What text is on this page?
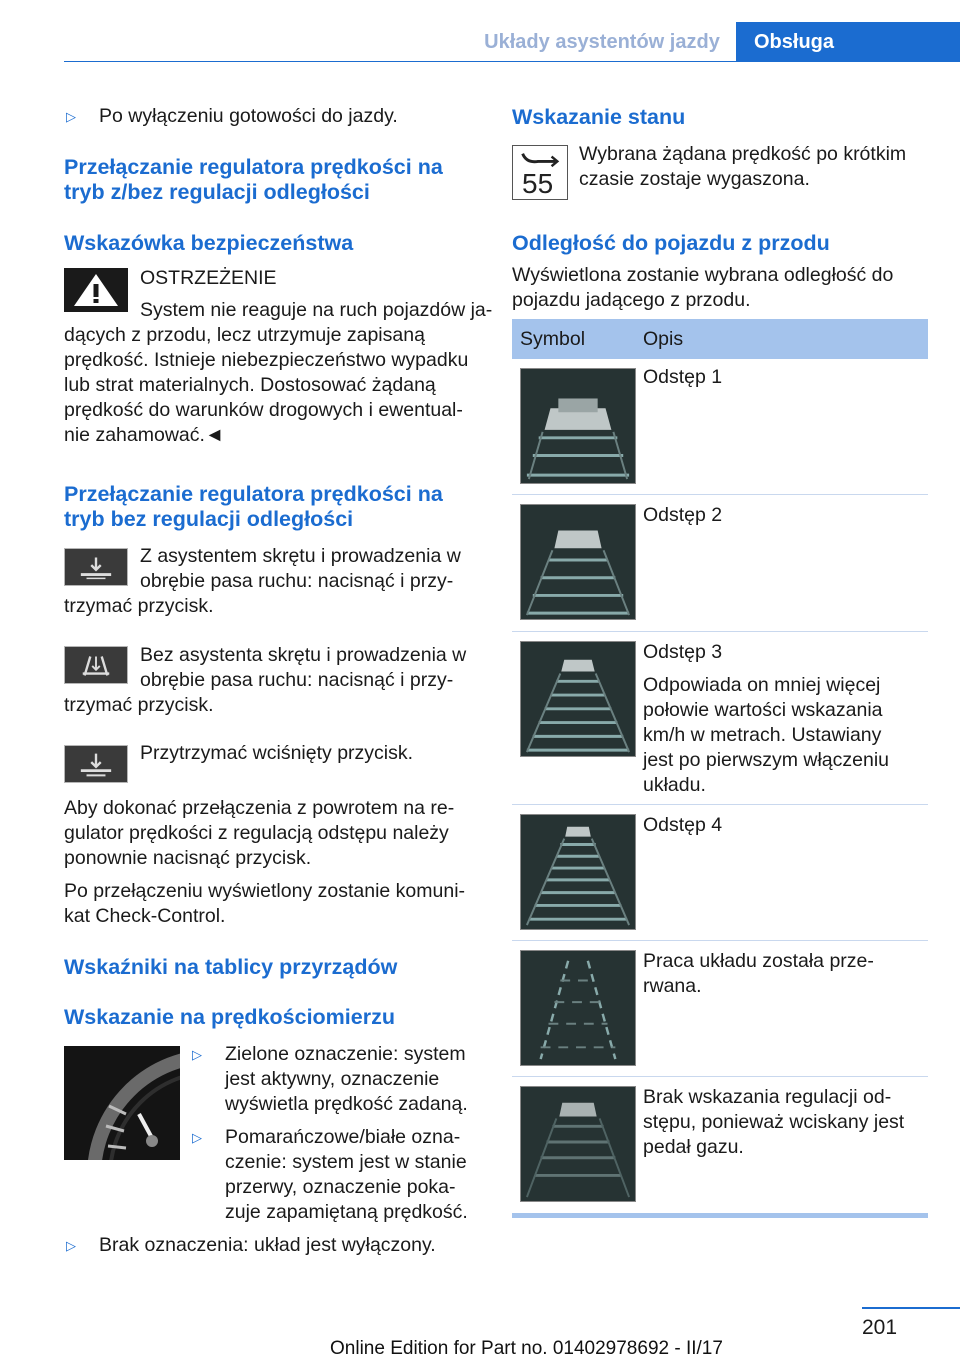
Układy asystentów jazdy	Obsługa
▷ Po wyłączeniu gotowości do jazdy.
Przełączanie regulatora prędkości na
tryb z/bez regulacji odległości
Wskazówka bezpieczeństwa
OSTRZEŻENIE
System nie reaguje na ruch pojazdów ja-
dących z przodu, lecz utrzymuje zapisaną
prędkość. Istnieje niebezpieczeństwo wypadku
lub strat materialnych. Dostosować żądaną
prędkość do warunków drogowych i ewentual-
nie zahamować.◄
Przełączanie regulatora prędkości na
tryb bez regulacji odległości
Z asystentem skrętu i prowadzenia w
obrębie pasa ruchu: nacisnąć i przy-
trzymać przycisk.
Bez asystenta skrętu i prowadzenia w
obrębie pasa ruchu: nacisnąć i przy-
trzymać przycisk.
Przytrzymać wciśnięty przycisk.
Aby dokonać przełączenia z powrotem na re-
gulator prędkości z regulacją odstępu należy
ponownie nacisnąć przycisk.
Po przełączeniu wyświetlony zostanie komuni-
kat Check-Control.
Wskaźniki na tablicy przyrządów
Wskazanie na prędkościomierzu
▷ Zielone oznaczenie: system
jest aktywny, oznaczenie
wyświetla prędkość zadaną.
▷ Pomarańczowe/białe ozna-
czenie: system jest w stanie
przerwy, oznaczenie poka-
zuje zapamiętaną prędkość.
▷ Brak oznaczenia: układ jest wyłączony.
Wskazanie stanu
55
Wybrana żądana prędkość po krótkim
czasie zostaje wygaszona.
Odległość do pojazdu z przodu
Wyświetlona zostanie wybrana odległość do
pojazdu jadącego z przodu.
Symbol	Opis
Odstęp 1
Odstęp 2
Odstęp 3
Odpowiada on mniej więcej
połowie wartości wskazania
km/h w metrach. Ustawiany
jest po pierwszym włączeniu
układu.
Odstęp 4
Praca układu została prze-
rwana.
Brak wskazania regulacji od-
stępu, ponieważ wciskany jest
pedał gazu.
201
Online Edition for Part no. 01402978692 - II/17
